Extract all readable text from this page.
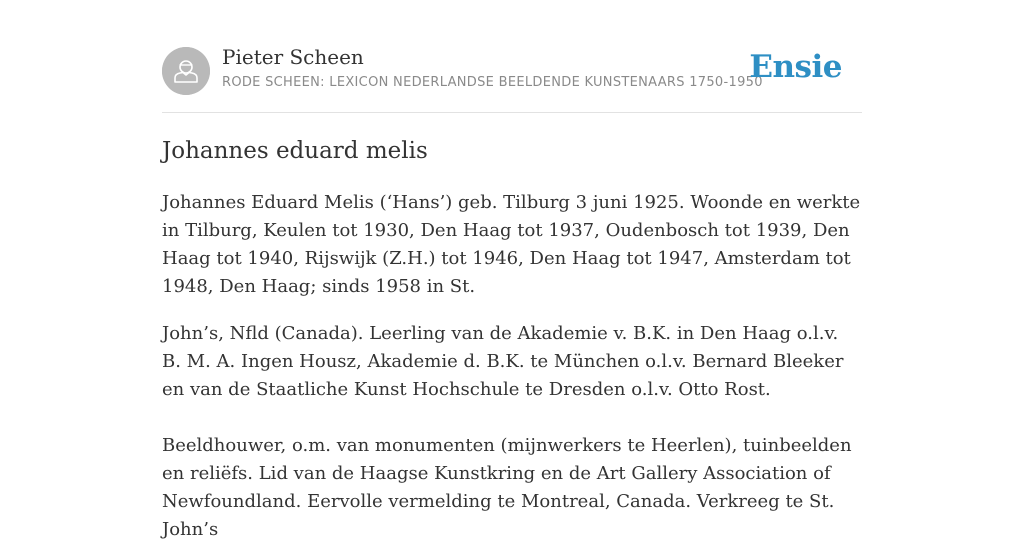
Pieter Scheen
RODE SCHEEN: LEXICON NEDERLANDSE BEELDENDE KUNSTENAARS 1750-1950
Ensie
Johannes eduard melis

Johannes Eduard Melis (‘Hans’) geb. Tilburg 3 juni 1925. Woonde en werkte in Tilburg, Keulen tot 1930, Den Haag tot 1937, Oudenbosch tot 1939, Den Haag tot 1940, Rijswijk (Z.H.) tot 1946, Den Haag tot 1947, Amsterdam tot 1948, Den Haag; sinds 1958 in St.

John’s, Nfld (Canada). Leerling van de Akademie v. B.K. in Den Haag o.l.v. B. M. A. Ingen Housz, Akademie d. B.K. te München o.l.v. Bernard Bleeker en van de Staatliche Kunst Hochschule te Dresden o.l.v. Otto Rost.

Beeldhouwer, o.m. van monumenten (mijnwerkers te Heerlen), tuinbeelden en reliëfs. Lid van de Haagse Kunstkring en de Art Gallery Association of Newfoundland. Eervolle vermelding te Montreal, Canada. Verkreeg te St. John’s
